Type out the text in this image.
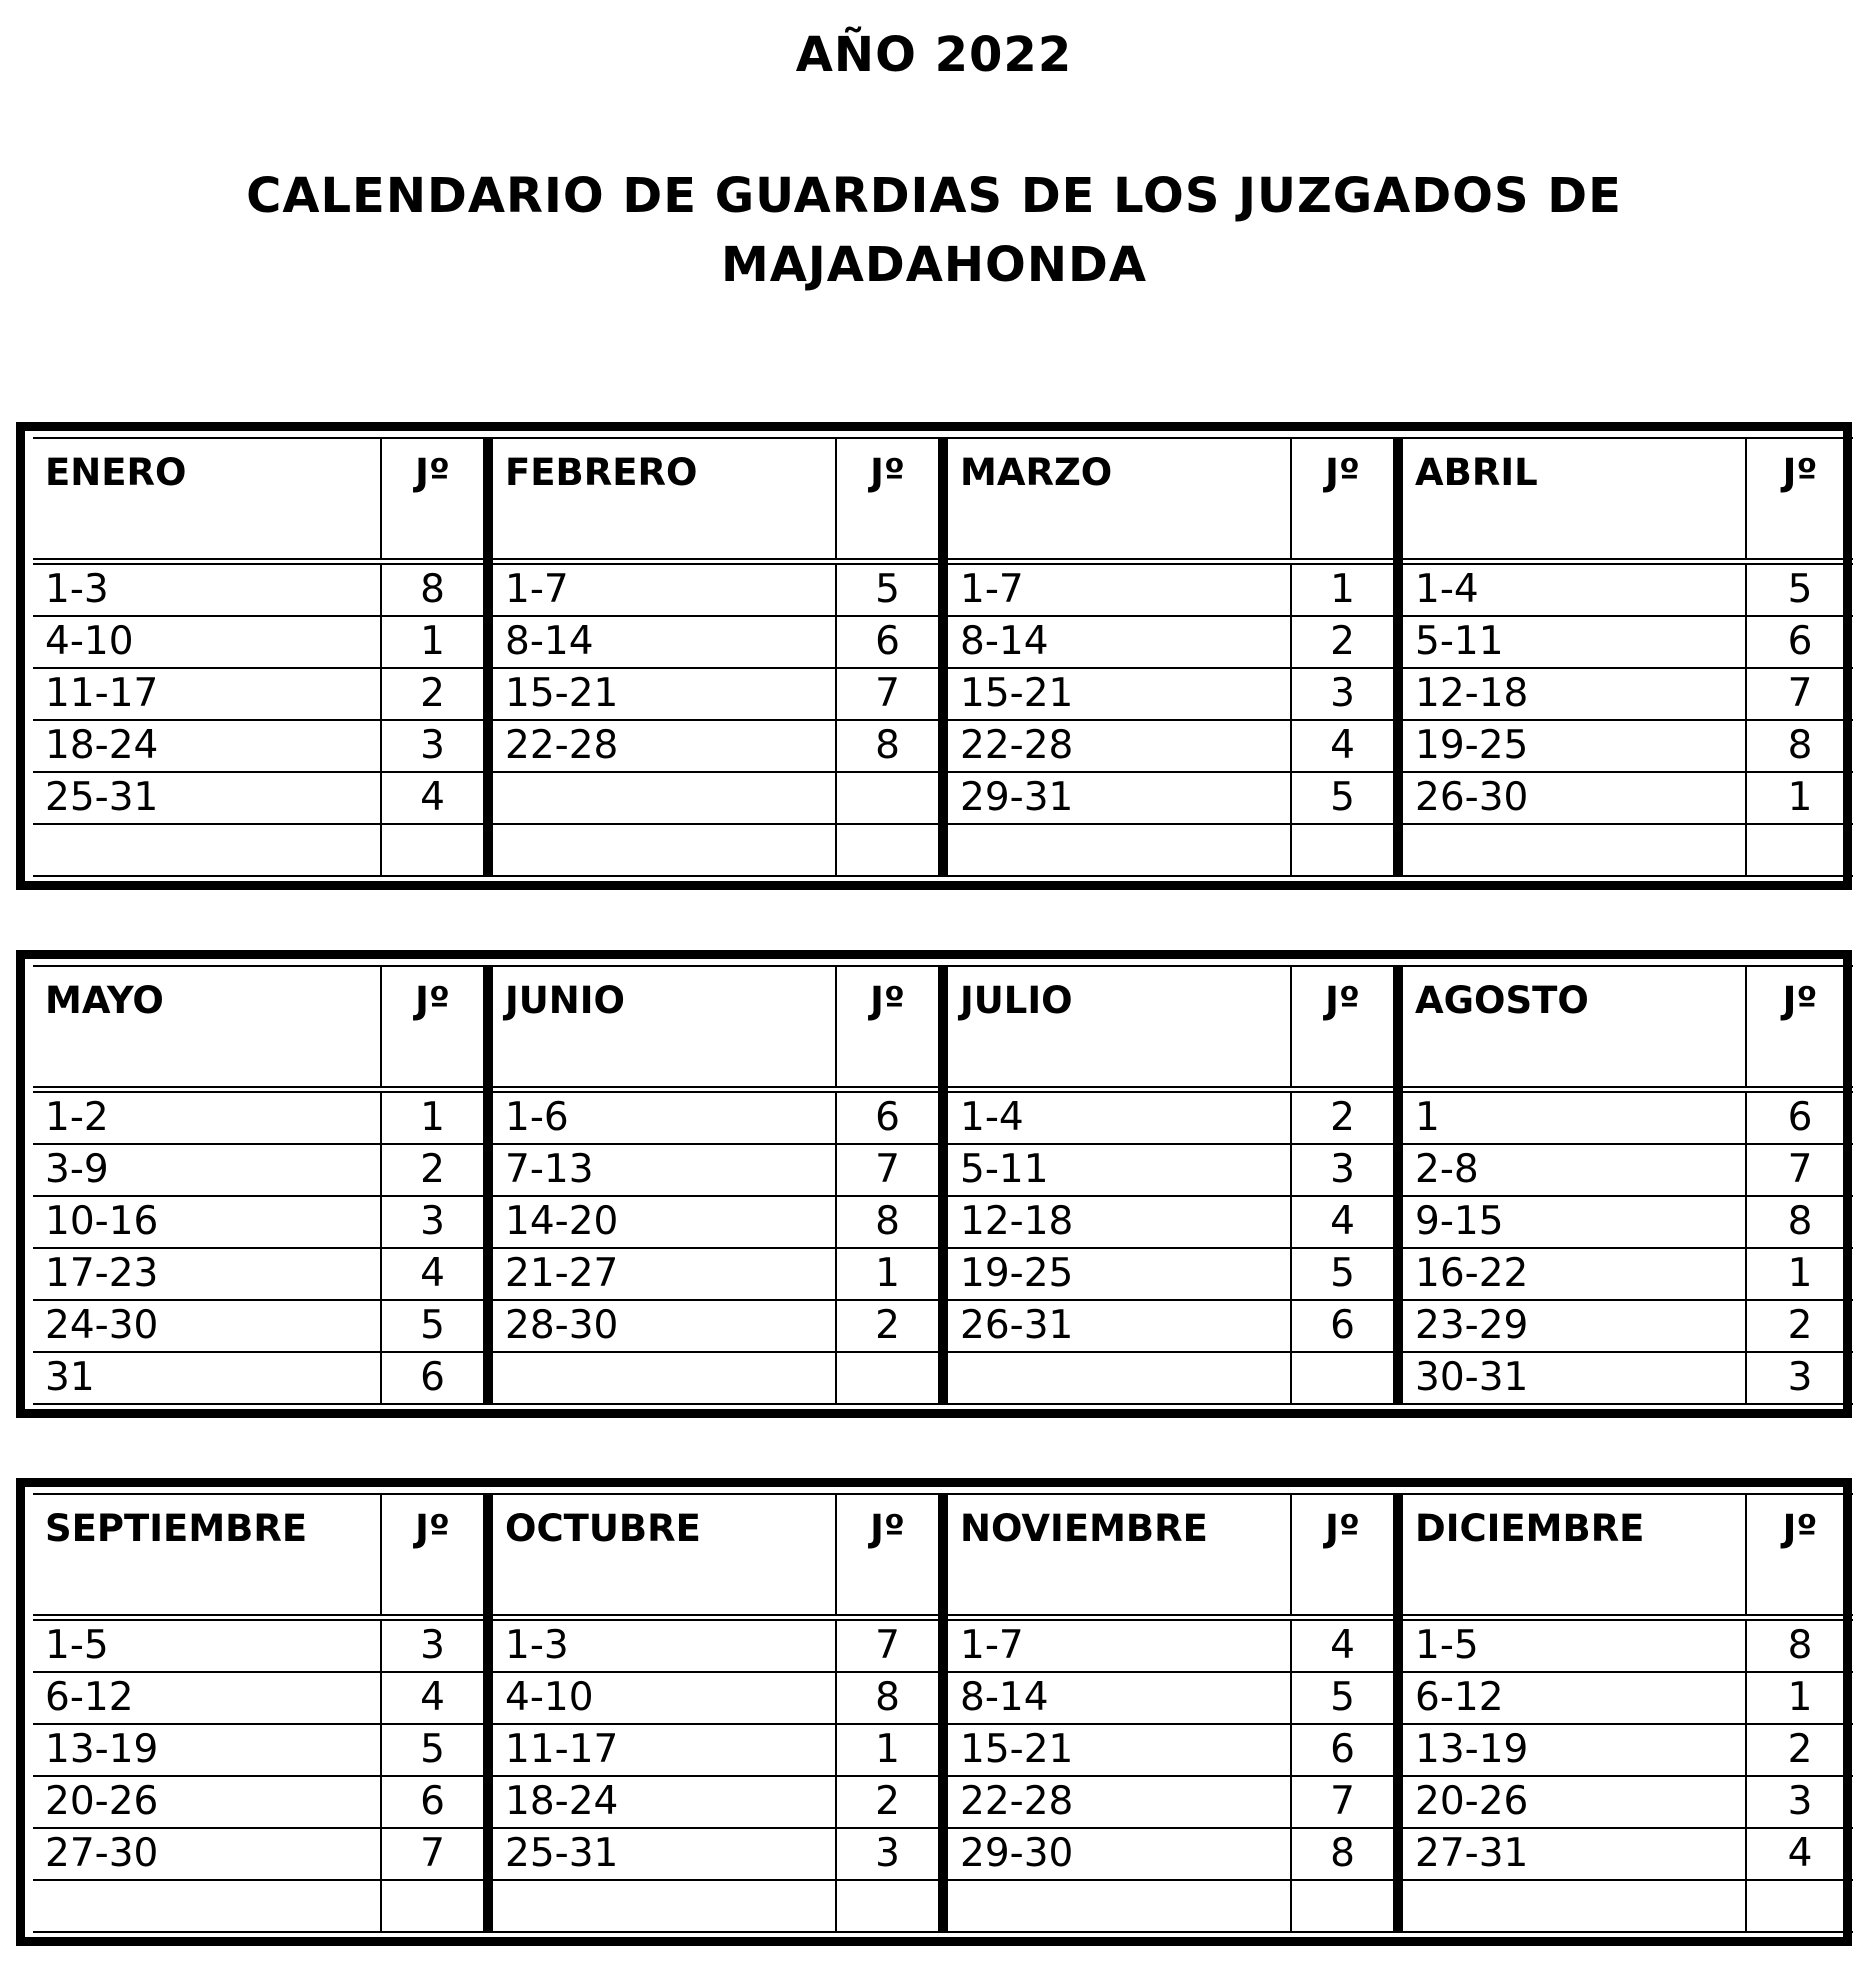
AÑO 2022
CALENDARIO DE GUARDIAS DE LOS JUZGADOS DE
MAJADAHONDA
ENERO	Jº	FEBRERO	Jº	MARZO	Jº	ABRIL	Jº
1-3	8	1-7	5	1-7	1	1-4	5
4-10	1	8-14	6	8-14	2	5-11	6
11-17	2	15-21	7	15-21	3	12-18	7
18-24	3	22-28	8	22-28	4	19-25	8
25-31	4			29-31	5	26-30	1

MAYO	Jº	JUNIO	Jº	JULIO	Jº	AGOSTO	Jº
1-2	1	1-6	6	1-4	2	1	6
3-9	2	7-13	7	5-11	3	2-8	7
10-16	3	14-20	8	12-18	4	9-15	8
17-23	4	21-27	1	19-25	5	16-22	1
24-30	5	28-30	2	26-31	6	23-29	2
31	6					30-31	3
SEPTIEMBRE	Jº	OCTUBRE	Jº	NOVIEMBRE	Jº	DICIEMBRE	Jº
1-5	3	1-3	7	1-7	4	1-5	8
6-12	4	4-10	8	8-14	5	6-12	1
13-19	5	11-17	1	15-21	6	13-19	2
20-26	6	18-24	2	22-28	7	20-26	3
27-30	7	25-31	3	29-30	8	27-31	4
